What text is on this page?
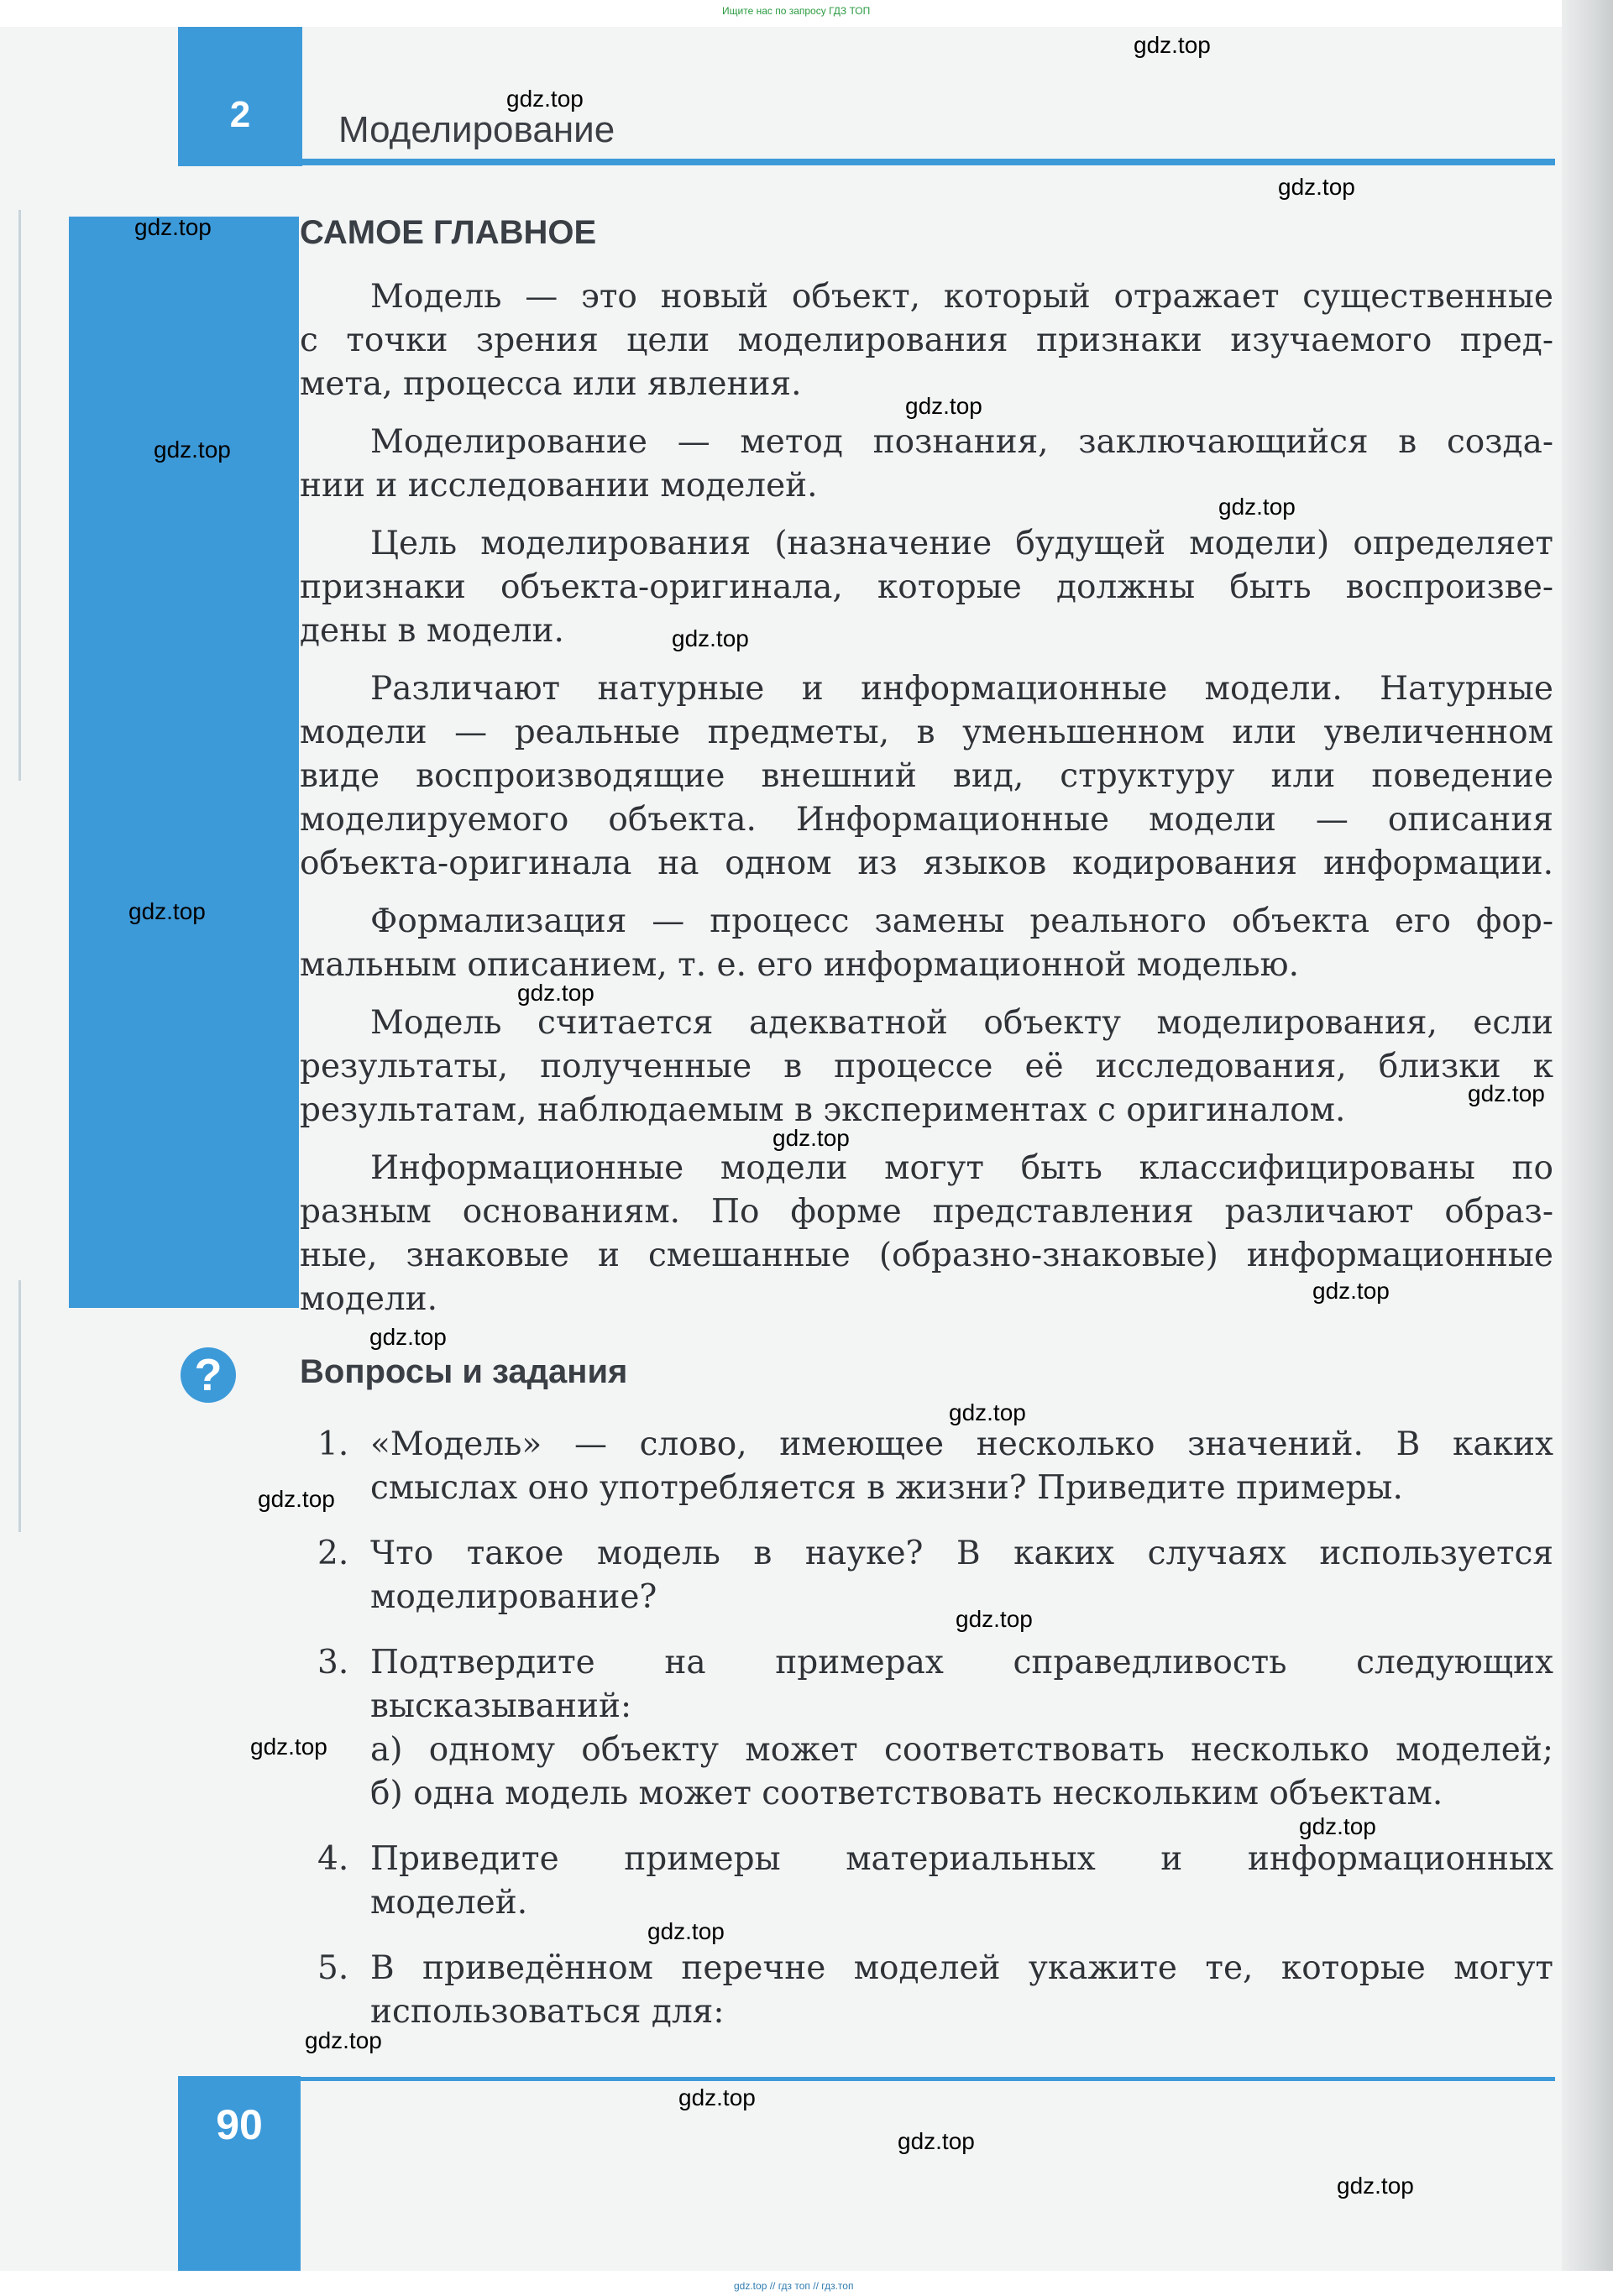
Ищите нас по запросу ГДЗ ТОП
2	Моделирование
САМОЕ ГЛАВНОЕ
Модель — это новый объект, который отражает существенные
с точки зрения цели моделирования признаки изучаемого пред-
мета, процесса или явления.
Моделирование — метод познания, заключающийся в созда-
нии и исследовании моделей.
Цель моделирования (назначение будущей модели) определяет
признаки объекта-оригинала, которые должны быть воспроизве-
дены в модели.
Различают натурные и информационные модели. Натурные
модели — реальные предметы, в уменьшенном или увеличенном
виде воспроизводящие внешний вид, структуру или поведение
моделируемого объекта. Информационные модели — описания
объекта-оригинала на одном из языков кодирования информации.
Формализация — процесс замены реального объекта его фор-
мальным описанием, т. е. его информационной моделью.
Модель считается адекватной объекту моделирования, если
результаты, полученные в процессе её исследования, близки к
результатам, наблюдаемым в экспериментах с оригиналом.
Информационные модели могут быть классифицированы по
разным основаниям. По форме представления различают образ-
ные, знаковые и смешанные (образно-знаковые) информационные
модели.
?	Вопросы и задания
1. «Модель» — слово, имеющее несколько значений. В каких
смыслах оно употребляется в жизни? Приведите примеры.
2. Что такое модель в науке? В каких случаях используется
моделирование?
3. Подтвердите на примерах справедливость следующих
высказываний:
а) одному объекту может соответствовать несколько моделей;
б) одна модель может соответствовать нескольким объектам.
4. Приведите примеры материальных и информационных
моделей.
5. В приведённом перечне моделей укажите те, которые могут
использоваться для:
90
gdz.top
gdz.top
gdz.top
gdz.top
gdz.top
gdz.top
gdz.top
gdz.top
gdz.top
gdz.top
gdz.top
gdz.top
gdz.top
gdz.top
gdz.top
gdz.top
gdz.top
gdz.top
gdz.top
gdz.top
gdz.top
gdz.top
gdz.top
gdz.top
gdz.top // гдз топ // гдз.топ
